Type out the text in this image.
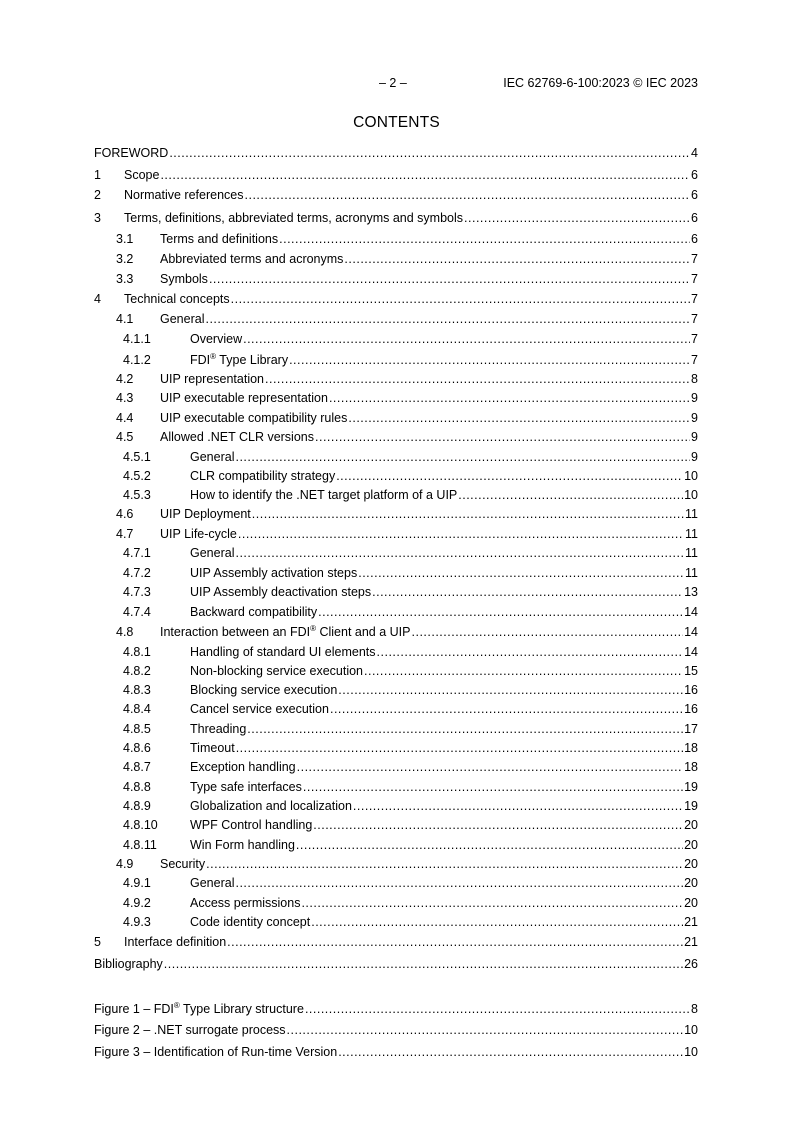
– 2 –	IEC 62769-6-100:2023 © IEC 2023
CONTENTS
FOREWORD .....	4
1	Scope .....	6
2	Normative references .....	6
3	Terms, definitions, abbreviated terms, acronyms and symbols .....	6
3.1	Terms and definitions .....	6
3.2	Abbreviated terms and acronyms .....	7
3.3	Symbols .....	7
4	Technical concepts .....	7
4.1	General .....	7
4.1.1	Overview .....	7
4.1.2	FDI® Type Library .....	7
4.2	UIP representation .....	8
4.3	UIP executable representation .....	9
4.4	UIP executable compatibility rules .....	9
4.5	Allowed .NET CLR versions .....	9
4.5.1	General .....	9
4.5.2	CLR compatibility strategy .....	10
4.5.3	How to identify the .NET target platform of a UIP .....	10
4.6	UIP Deployment .....	11
4.7	UIP Life-cycle .....	11
4.7.1	General .....	11
4.7.2	UIP Assembly activation steps .....	11
4.7.3	UIP Assembly deactivation steps .....	13
4.7.4	Backward compatibility .....	14
4.8	Interaction between an FDI® Client and a UIP .....	14
4.8.1	Handling of standard UI elements .....	14
4.8.2	Non-blocking service execution .....	15
4.8.3	Blocking service execution .....	16
4.8.4	Cancel service execution .....	16
4.8.5	Threading .....	17
4.8.6	Timeout .....	18
4.8.7	Exception handling .....	18
4.8.8	Type safe interfaces .....	19
4.8.9	Globalization and localization .....	19
4.8.10	WPF Control handling .....	20
4.8.11	Win Form handling .....	20
4.9	Security .....	20
4.9.1	General .....	20
4.9.2	Access permissions .....	20
4.9.3	Code identity concept .....	21
5	Interface definition .....	21
Bibliography .....	26
Figure 1 – FDI® Type Library structure .....	8
Figure 2 – .NET surrogate process .....	10
Figure 3 – Identification of Run-time Version .....	10
